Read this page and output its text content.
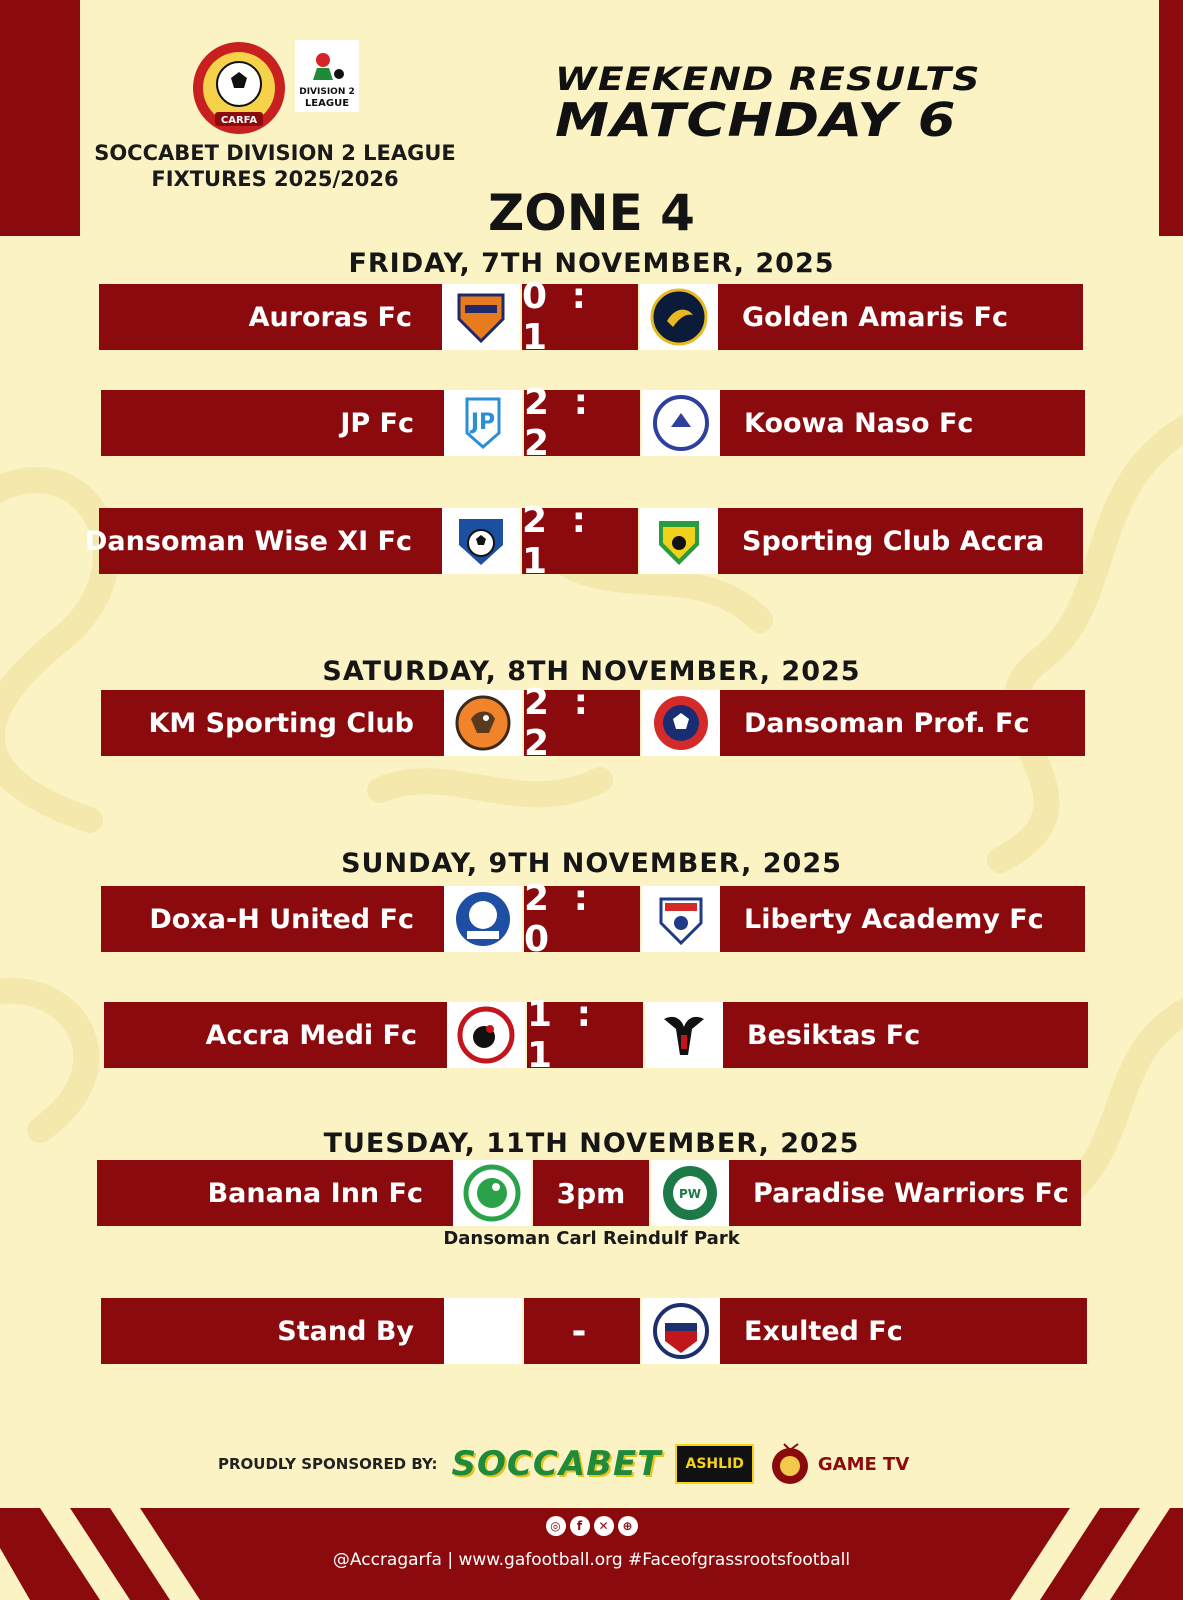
CARFA
DIVISION 2
LEAGUE
SOCCABET DIVISION 2 LEAGUE
FIXTURES 2025/2026
WEEKEND RESULTS
MATCHDAY 6
ZONE 4
FRIDAY, 7TH NOVEMBER, 2025
Auroras Fc	0 : 1	Golden Amaris Fc
JP Fc	JP 2 : 2	Koowa Naso Fc
Dansoman Wise XI Fc	2 : 1	Sporting Club Accra
SATURDAY, 8TH NOVEMBER, 2025
KM Sporting Club	2 : 2	Dansoman Prof. Fc
SUNDAY, 9TH NOVEMBER, 2025
Doxa-H United Fc	2 : 0	Liberty Academy Fc
Accra Medi Fc	1 : 1	Besiktas Fc
TUESDAY, 11TH NOVEMBER, 2025
Banana Inn Fc	3pm	PW	Paradise Warriors Fc
Dansoman Carl Reindulf Park
Stand By	-	Exulted Fc
PROUDLY SPONSORED BY: SOCCABET	ASHLID	GAME TV
◎	f	✕	⊕
@Accragarfa | www.gafootball.org #Faceofgrassrootsfootball
